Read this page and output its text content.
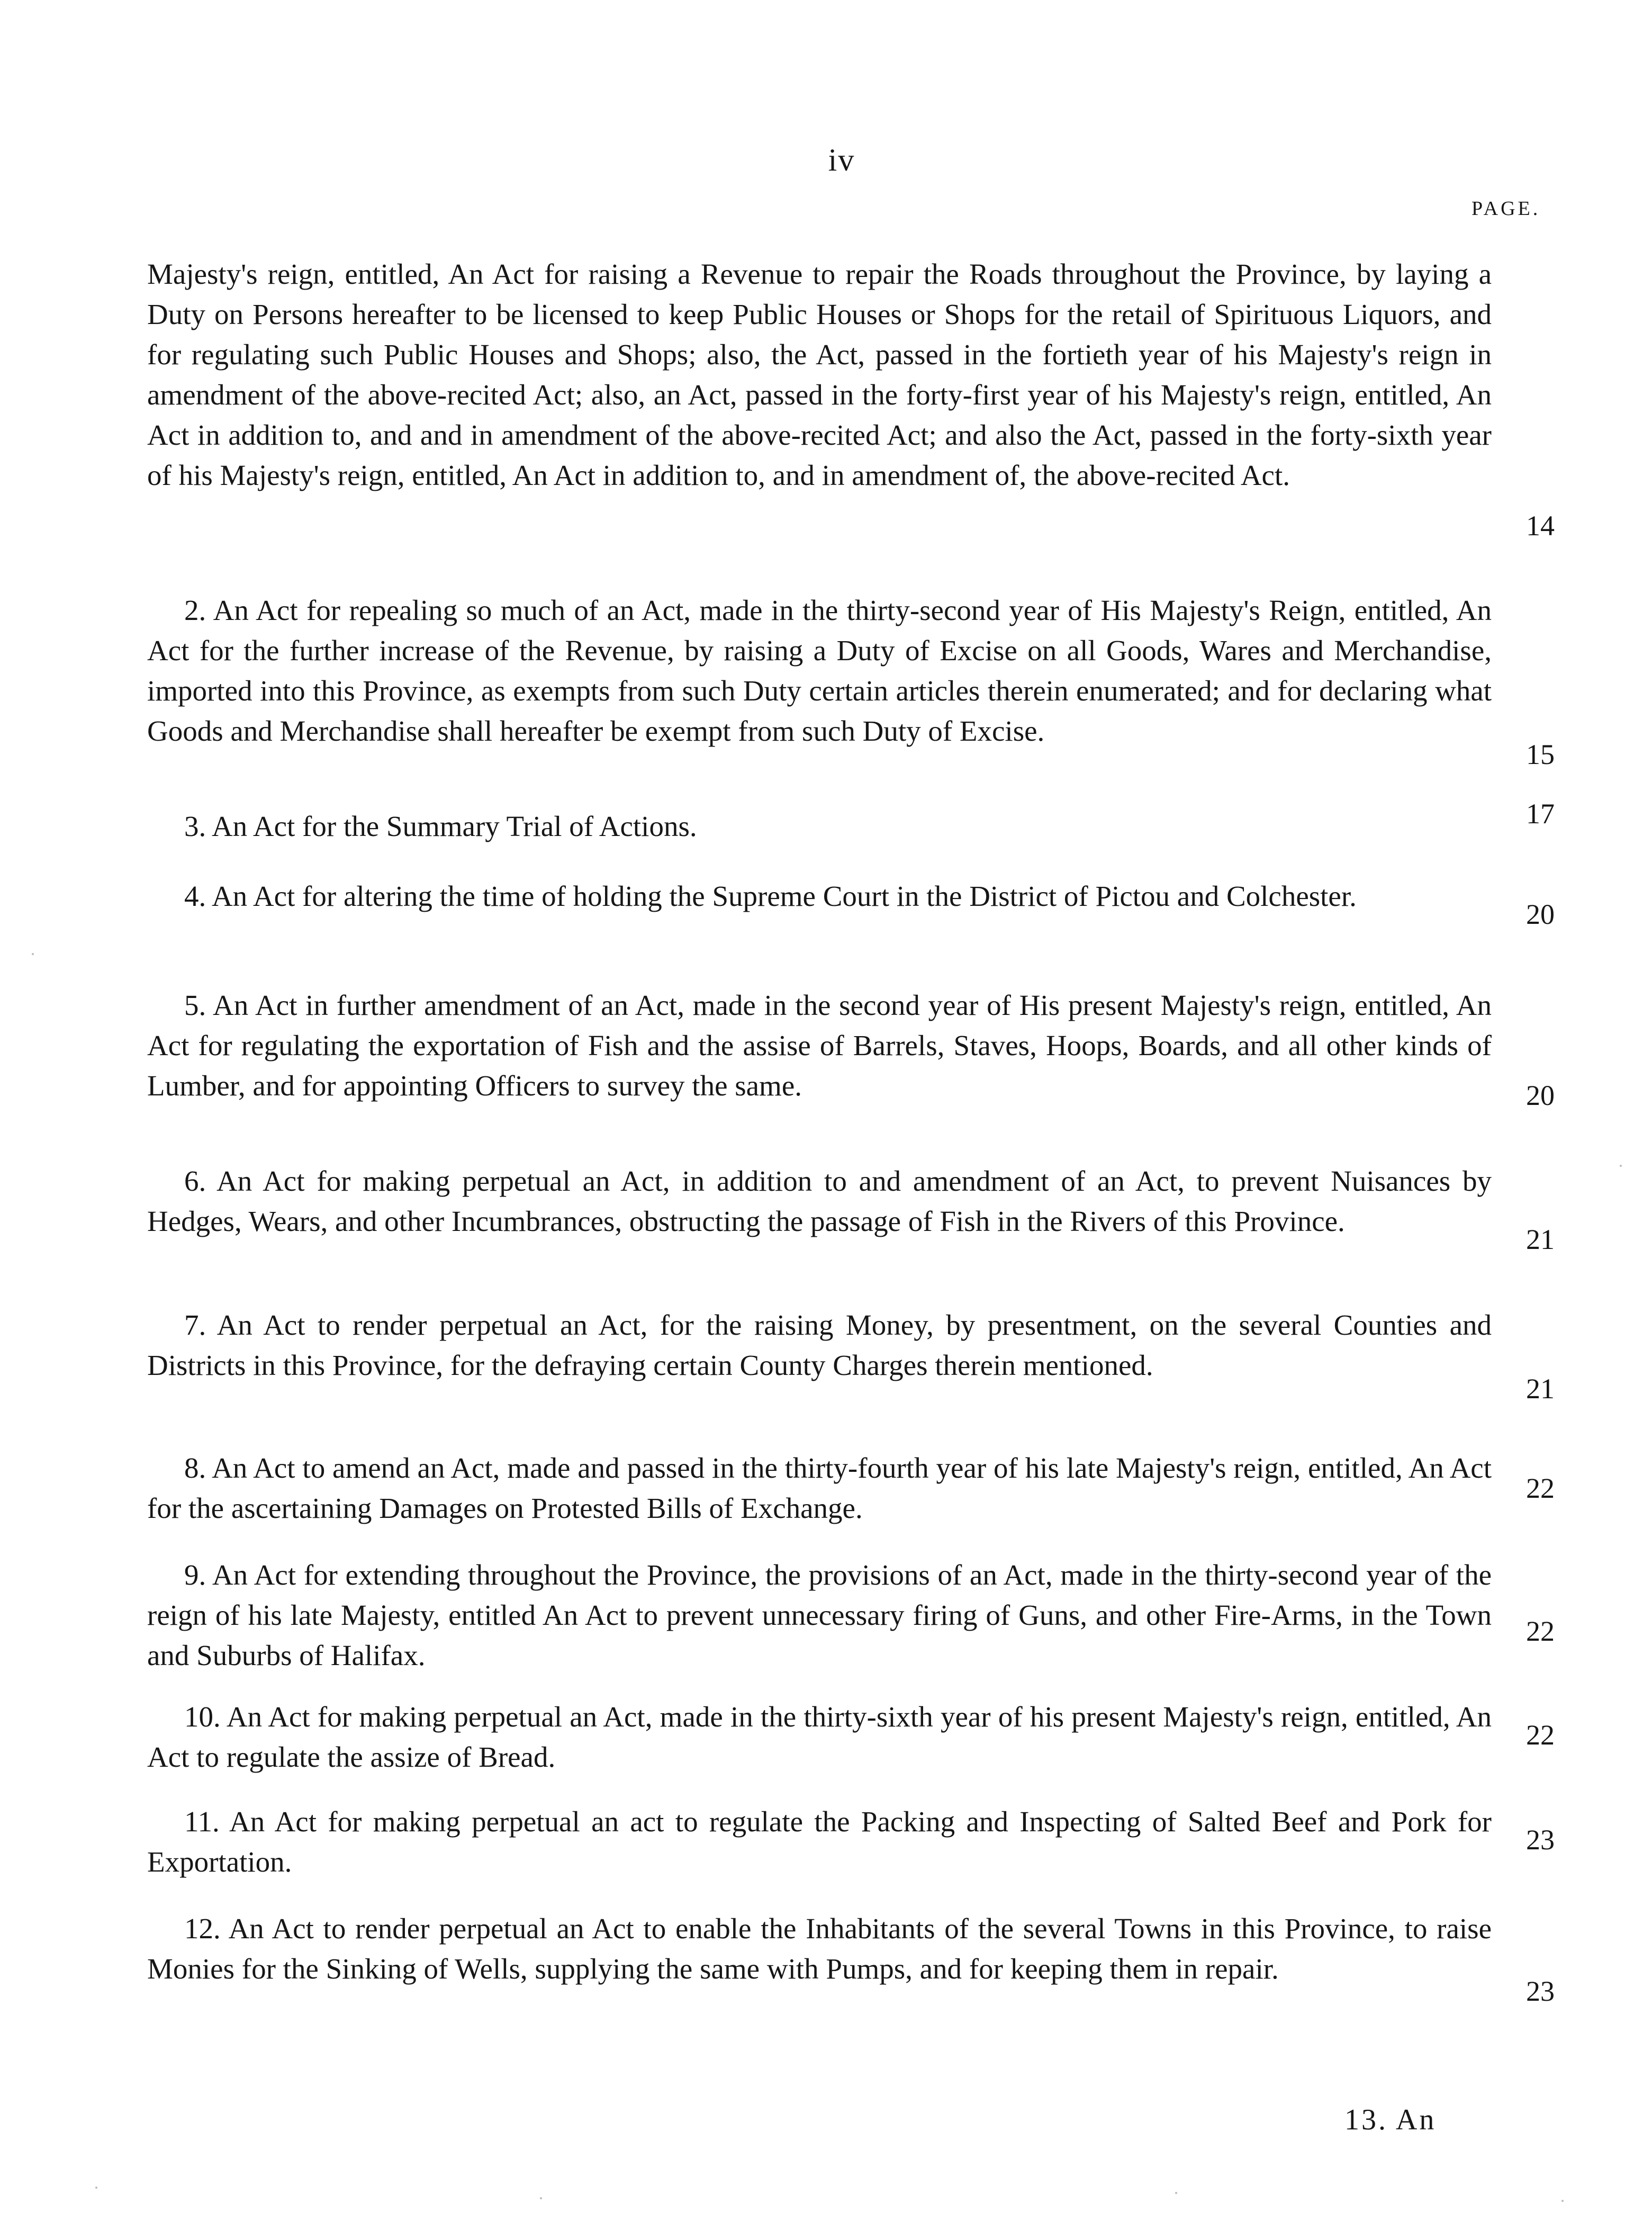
iv
PAGE.

Majesty's reign, entitled, An Act for raising a Revenue to repair the Roads throughout the Province, by laying a Duty on Persons hereafter to be licensed to keep Public Houses or Shops for the retail of Spirituous Liquors, and for regulating such Public Houses and Shops; also, the Act, passed in the fortieth year of his Majesty's reign in amendment of the above-recited Act; also, an Act, passed in the forty-first year of his Majesty's reign, entitled, An Act in addition to, and and in amendment of the above-recited Act; and also the Act, passed in the forty-sixth year of his Majesty's reign, entitled, An Act in addition to, and in amendment of, the above-recited Act.

14

2. An Act for repealing so much of an Act, made in the thirty-second year of His Majesty's Reign, entitled, An Act for the further increase of the Revenue, by raising a Duty of Excise on all Goods, Wares and Merchandise, imported into this Province, as exempts from such Duty certain articles therein enumerated; and for declaring what Goods and Merchandise shall hereafter be exempt from such Duty of Excise.

15

3. An Act for the Summary Trial of Actions.	17

4. An Act for altering the time of holding the Supreme Court in the District of Pictou and Colchester.

20

5. An Act in further amendment of an Act, made in the second year of His present Majesty's reign, entitled, An Act for regulating the exportation of Fish and the assise of Barrels, Staves, Hoops, Boards, and all other kinds of Lumber, and for appointing Officers to survey the same.	20

6. An Act for making perpetual an Act, in addition to and amendment of an Act, to prevent Nuisances by Hedges, Wears, and other Incumbrances, obstructing the passage of Fish in the Rivers of this Province.

21

7. An Act to render perpetual an Act, for the raising Money, by presentment, on the several Counties and Districts in this Province, for the defraying certain County Charges therein mentioned.

21

8. An Act to amend an Act, made and passed in the thirty-fourth year of his late Majesty's reign, entitled, An Act for the ascertaining Damages on Protested Bills of Exchange.

22

9. An Act for extending throughout the Province, the provisions of an Act, made in the thirty-second year of the reign of his late Majesty, entitled An Act to prevent unnecessary firing of Guns, and other Fire-Arms, in the Town and Suburbs of Halifax.

22

10. An Act for making perpetual an Act, made in the thirty-sixth year of his present Majesty's reign, entitled, An Act to regulate the assize of Bread.

22

11. An Act for making perpetual an act to regulate the Packing and Inspecting of Salted Beef and Pork for Exportation.

23

12. An Act to render perpetual an Act to enable the Inhabitants of the several Towns in this Province, to raise Monies for the Sinking of Wells, supplying the same with Pumps, and for keeping them in repair.

23
13. An
